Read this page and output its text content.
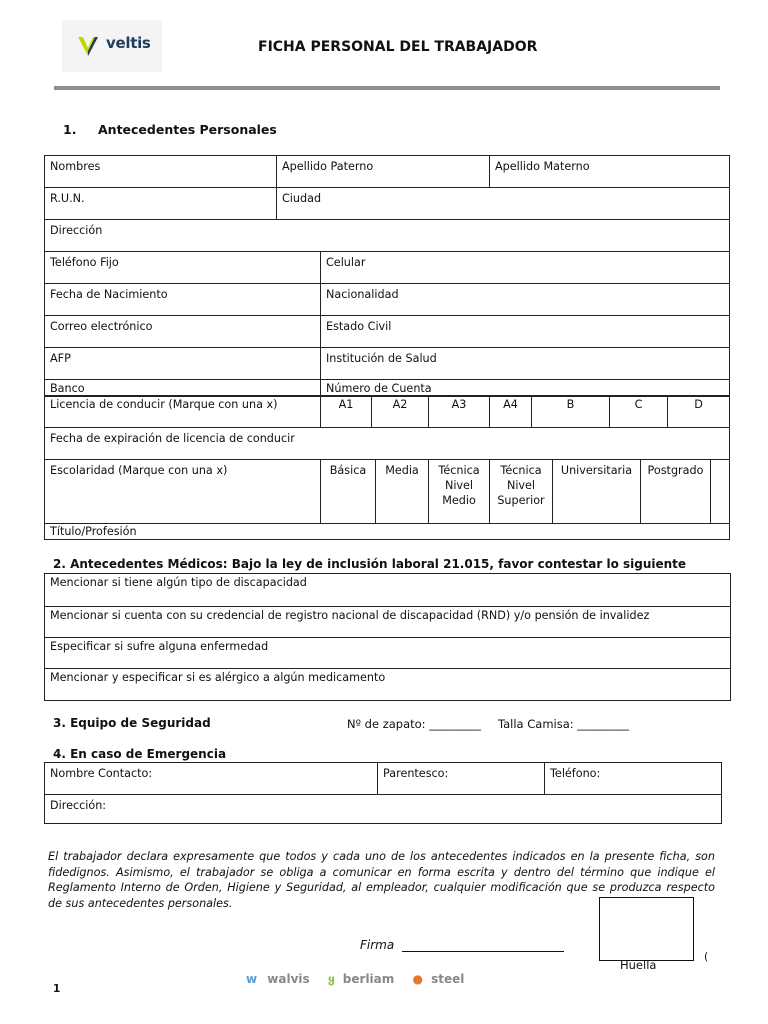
veltis	FICHA PERSONAL DEL TRABAJADOR
1. Antecedentes Personales
Nombres	Apellido Paterno	Apellido Materno
R.U.N.	Ciudad	
Dirección		
Teléfono Fijo	Celular
Fecha de Nacimiento	Nacionalidad
Correo electrónico	Estado Civil
AFP	Institución de Salud
Banco	Número de Cuenta
Licencia de conducir (Marque con una x)	A1	A2	A3	A4	B	C	D
Fecha de expiración de licencia de conducir
Escolaridad (Marque con una x)	Básica	Media	Técnica Nivel Medio	Técnica Nivel Superior	Universitaria	Postgrado	
Título/Profesión
2. Antecedentes Médicos: Bajo la ley de inclusión laboral 21.015, favor contestar lo siguiente
Mencionar si tiene algún tipo de discapacidad
Mencionar si cuenta con su credencial de registro nacional de discapacidad (RND) y/o pensión de invalidez
Especificar si sufre alguna enfermedad
Mencionar y especificar si es alérgico a algún medicamento
3. Equipo de Seguridad	Nº de zapato: _________ Talla Camisa: _________
4. En caso de Emergencia
Nombre Contacto:	Parentesco:	Teléfono:
Dirección:
El trabajador declara expresamente que todos y cada uno de los antecedentes indicados en la presente ficha, son fidedignos. Asimismo, el trabajador se obliga a comunicar en forma escrita y dentro del término que indique el Reglamento Interno de Orden, Higiene y Seguridad, al empleador, cualquier modificación que se produzca respecto de sus antecedentes personales.
Firma
Huella
(
w walvis ყ berliam ● steel
1
